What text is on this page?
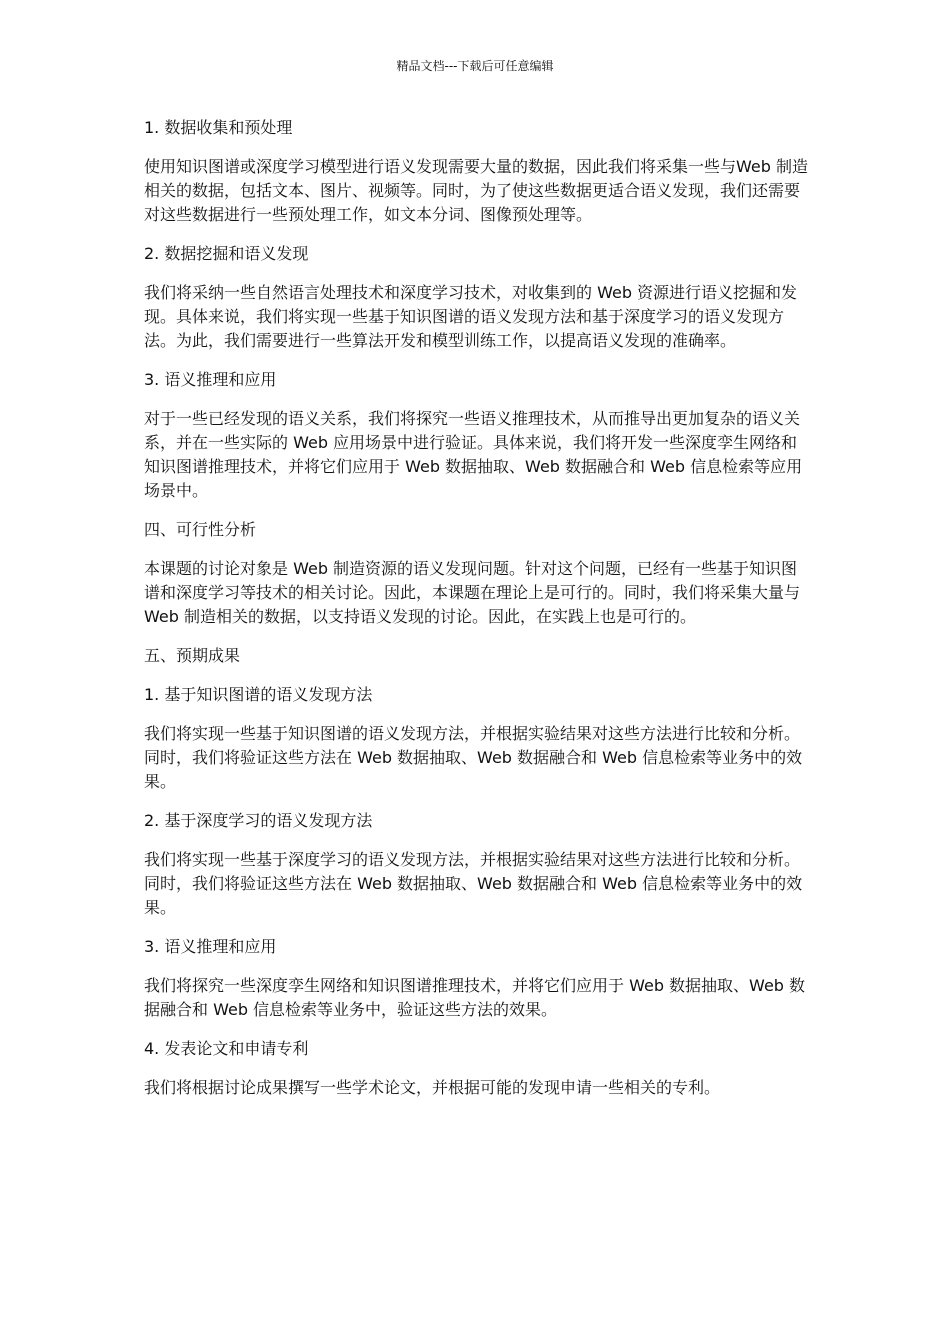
精品文档---下载后可任意编辑

1. 数据收集和预处理

使用知识图谱或深度学习模型进行语义发现需要大量的数据，因此我们将采集一些与Web 制造相关的数据，包括文本、图片、视频等。同时，为了使这些数据更适合语义发现，我们还需要对这些数据进行一些预处理工作，如文本分词、图像预处理等。

2. 数据挖掘和语义发现

我们将采纳一些自然语言处理技术和深度学习技术，对收集到的 Web 资源进行语义挖掘和发现。具体来说，我们将实现一些基于知识图谱的语义发现方法和基于深度学习的语义发现方法。为此，我们需要进行一些算法开发和模型训练工作，以提高语义发现的准确率。

3. 语义推理和应用

对于一些已经发现的语义关系，我们将探究一些语义推理技术，从而推导出更加复杂的语义关系，并在一些实际的 Web 应用场景中进行验证。具体来说，我们将开发一些深度孪生网络和知识图谱推理技术，并将它们应用于 Web 数据抽取、Web 数据融合和 Web 信息检索等应用场景中。

四、可行性分析

本课题的讨论对象是 Web 制造资源的语义发现问题。针对这个问题，已经有一些基于知识图谱和深度学习等技术的相关讨论。因此，本课题在理论上是可行的。同时，我们将采集大量与 Web 制造相关的数据，以支持语义发现的讨论。因此，在实践上也是可行的。

五、预期成果

1. 基于知识图谱的语义发现方法

我们将实现一些基于知识图谱的语义发现方法，并根据实验结果对这些方法进行比较和分析。同时，我们将验证这些方法在 Web 数据抽取、Web 数据融合和 Web 信息检索等业务中的效果。

2. 基于深度学习的语义发现方法

我们将实现一些基于深度学习的语义发现方法，并根据实验结果对这些方法进行比较和分析。同时，我们将验证这些方法在 Web 数据抽取、Web 数据融合和 Web 信息检索等业务中的效果。

3. 语义推理和应用

我们将探究一些深度孪生网络和知识图谱推理技术，并将它们应用于 Web 数据抽取、Web 数据融合和 Web 信息检索等业务中，验证这些方法的效果。

4. 发表论文和申请专利

我们将根据讨论成果撰写一些学术论文，并根据可能的发现申请一些相关的专利。
